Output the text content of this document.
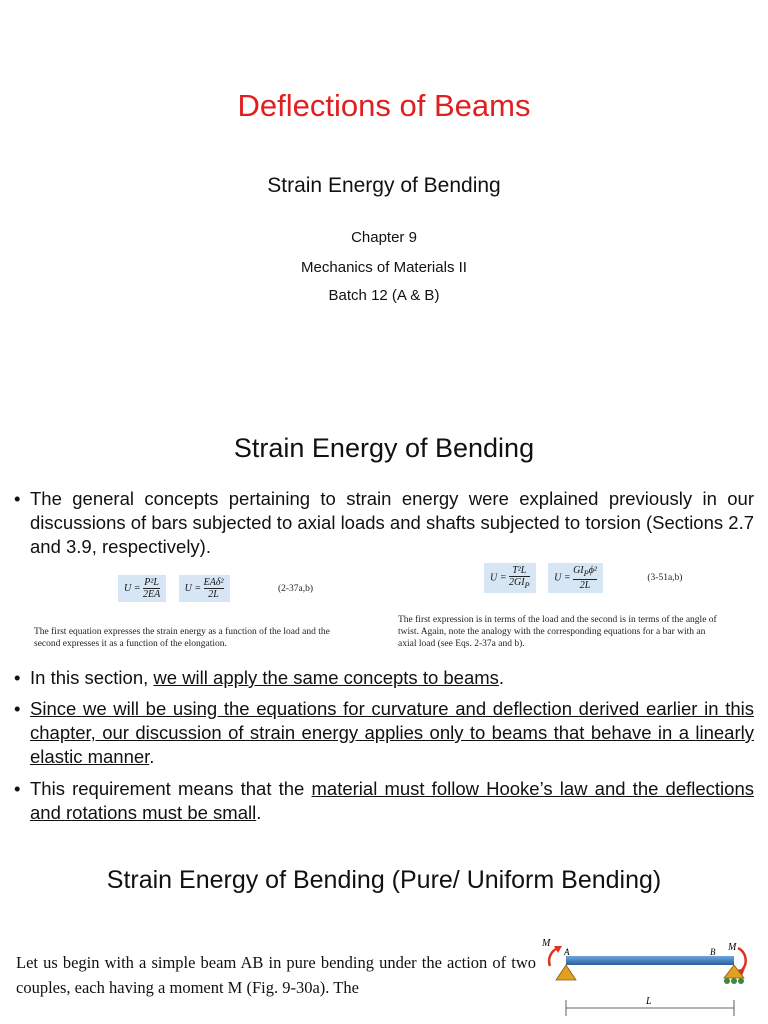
Deflections of Beams
Strain Energy of Bending
Chapter 9
Mechanics of Materials II
Batch 12 (A & B)
Strain Energy of Bending
• The general concepts pertaining to strain energy were explained previously in our discussions of bars subjected to axial loads and shafts subjected to torsion (Sections 2.7 and 3.9, respectively).
$U = \frac{\text{P²L}}{2EA}$ $U = \frac{\text{EAδ²}}{2L}$	(2-37a,b)
The first equation expresses the strain energy as a function of the load and the second expresses it as a function of the elongation.
$U = \frac{\text{T²L}}{2GI_P}$ $U = \frac{GI_P\phi^2}{2L}$	(3-51a,b)
The first expression is in terms of the load and the second is in terms of the angle of twist. Again, note the analogy with the corresponding equations for a bar with an axial load (see Eqs. 2-37a and b).
• In this section, we will apply the same concepts to beams.
• Since we will be using the equations for curvature and deflection derived earlier in this chapter, our discussion of strain energy applies only to beams that behave in a linearly elastic manner.
• This requirement means that the material must follow Hooke’s law and the deflections and rotations must be small.
Strain Energy of Bending (Pure/ Uniform Bending)
Let us begin with a simple beam AB in pure bending under the action of two couples, each having a moment M (Fig. 9-30a). The
M	M
A	B
L
